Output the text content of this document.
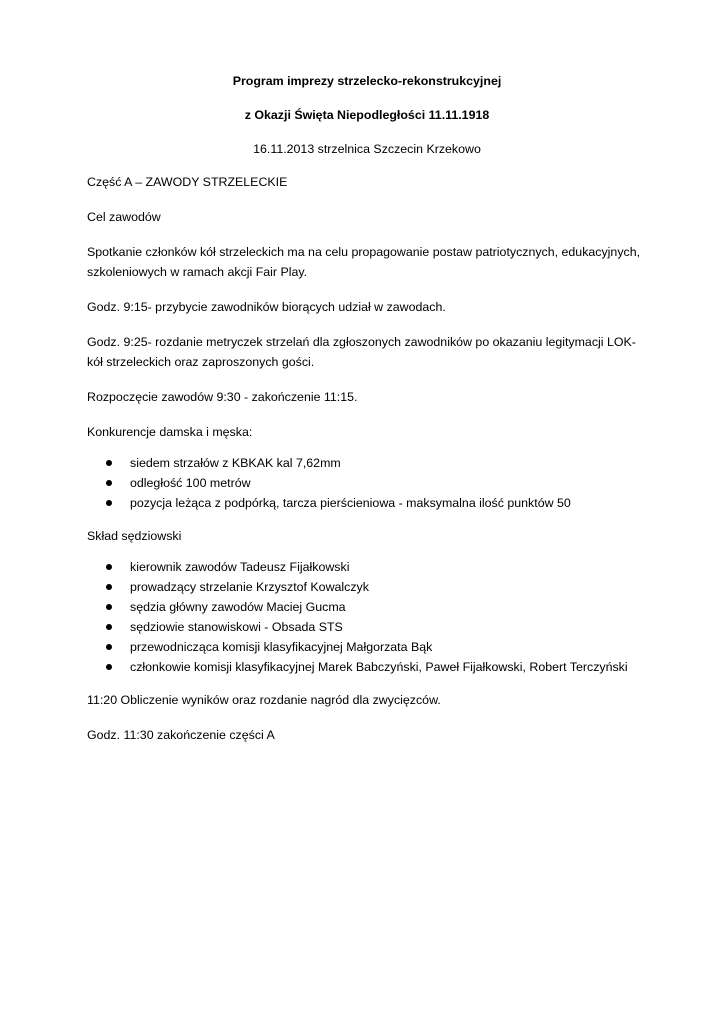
Program imprezy strzelecko-rekonstrukcyjnej
z Okazji Święta Niepodległości 11.11.1918
16.11.2013 strzelnica Szczecin Krzekowo

Część A – ZAWODY STRZELECKIE

Cel zawodów

Spotkanie członków kół strzeleckich ma na celu propagowanie postaw patriotycznych, edukacyjnych, szkoleniowych w ramach akcji Fair Play.

Godz. 9:15- przybycie zawodników biorących udział w zawodach.

Godz. 9:25- rozdanie metryczek strzelań dla zgłoszonych zawodników po okazaniu legitymacji LOK- kół strzeleckich oraz zaproszonych gości.

Rozpoczęcie zawodów 9:30 - zakończenie 11:15.

Konkurencje damska i męska:

siedem strzałów z KBKAK kal 7,62mm
odległość 100 metrów
pozycja leżąca z podpórką, tarcza pierścieniowa - maksymalna ilość punktów 50

Skład sędziowski

kierownik zawodów Tadeusz Fijałkowski
prowadzący strzelanie Krzysztof Kowalczyk
sędzia główny zawodów Maciej Gucma
sędziowie stanowiskowi - Obsada STS
przewodnicząca komisji klasyfikacyjnej Małgorzata Bąk
członkowie komisji klasyfikacyjnej Marek Babczyński, Paweł Fijałkowski, Robert Terczyński

11:20 Obliczenie wyników oraz rozdanie nagród dla zwycięzców.

Godz. 11:30 zakończenie części A
